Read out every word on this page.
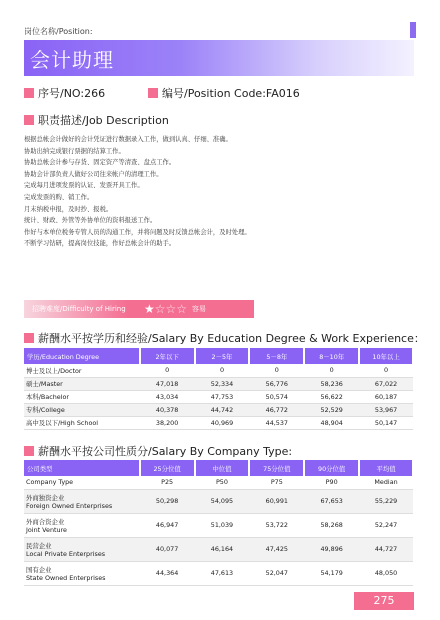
岗位名称/Position:
会计助理
序号/NO:266	编号/Position Code:FA016
职责描述/Job Description
根据总帐会计做好的会计凭证进行数据录入工作，做到认真、仔细、准确。
协助出纳完成银行票据的结算工作。
协助总帐会计参与存货、固定资产等清查、盘点工作。
协助会计部负责人做好公司往来帐户的清理工作。
完成每月进项发票的认证、发票开具工作。
完成发票的购、销工作。
月末纳税申报，及时抄、报税。
统计、财政、外管等外协单位的资料报送工作。
作好与本单位税务专管人员的沟通工作，并将问题及时反馈总帐会计，及时处理。
不断学习钻研，提高岗位技能，作好总帐会计的助手。
招聘难度/Difficulty of Hiring	★☆☆☆ 容易
薪酬水平按学历和经验/Salary By Education Degree & Work Experience：
学历/Education Degree	2年以下	2－5年	5－8年	8－10年	10年以上
博士及以上/Doctor	0	0	0	0	0
硕士/Master	47,018	52,334	56,776	58,236	67,022
本科/Bachelor	43,034	47,753	50,574	56,622	60,187
专科/College	40,378	44,742	46,772	52,529	53,967
高中及以下/High School	38,200	40,969	44,537	48,904	50,147
薪酬水平按公司性质分/Salary By Company Type:
公司类型	25分位值	中位值	75分位值	90分位值	平均值
Company Type	P25	P50	P75	P90	Median

外商独资企业
Foreign Owned Enterprises	50,298	54,095	60,991	67,653	55,229

外商合资企业
Joint Venture	46,947	51,039	53,722	58,268	52,247

民营企业
Local Private Enterprises	40,077	46,164	47,425	49,896	44,727

国有企业
State Owned Enterprises	44,364	47,613	52,047	54,179	48,050
275
